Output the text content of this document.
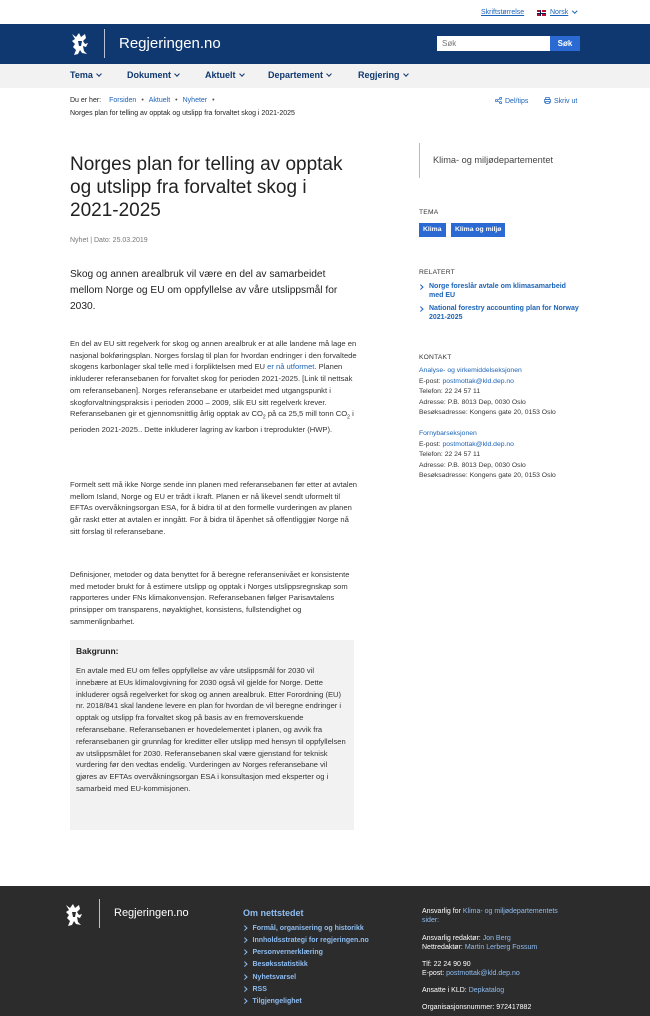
Skriftstørrelse	Norsk
Regjeringen.no
Søk	Søk
Tema	Dokument	Aktuelt	Departement	Regjering
Du er her: Forsiden • Aktuelt • Nyheter •
Norges plan for telling av opptak og utslipp fra forvaltet skog i 2021-2025
Del/tips	Skriv ut
Norges plan for telling av opptak og utslipp fra forvaltet skog i 2021-2025
Nyhet | Dato: 25.03.2019
Skog og annen arealbruk vil være en del av samarbeidet mellom Norge og EU om oppfyllelse av våre utslippsmål for 2030.
En del av EU sitt regelverk for skog og annen arealbruk er at alle landene må lage en nasjonal bokføringsplan. Norges forslag til plan for hvordan endringer i den forvaltede skogens karbonlager skal telle med i forpliktelsen med EU er nå utformet. Planen inkluderer referansebanen for forvaltet skog for perioden 2021-2025. [Link til nettsak om referansebanen]. Norges referansebane er utarbeidet med utgangspunkt i skogforvaltningspraksis i perioden 2000 – 2009, slik EU sitt regelverk krever. Referansebanen gir et gjennomsnittlig årlig opptak av $CO_2$ på ca 25,5 mill tonn $CO_2$ i perioden 2021-2025.. Dette inkluderer lagring av karbon i treprodukter (HWP).
Formelt sett må ikke Norge sende inn planen med referansebanen før etter at avtalen mellom Island, Norge og EU er trådt i kraft. Planen er nå likevel sendt uformelt til EFTAs overvåkningsorgan ESA, for å bidra til at den formelle vurderingen av planen går raskt etter at avtalen er inngått. For å bidra til åpenhet så offentliggjør Norge nå sitt forslag til referansebane.
Definisjoner, metoder og data benyttet for å beregne referansenivået er konsistente med metoder brukt for å estimere utslipp og opptak i Norges utslippsregnskap som rapporteres under FNs klimakonvensjon. Referansebanen følger Parisavtalens prinsipper om transparens, nøyaktighet, konsistens, fullstendighet og sammenlignbarhet.
Bakgrunn:
En avtale med EU om felles oppfyllelse av våre utslippsmål for 2030 vil innebære at EUs klimalovgivning for 2030 også vil gjelde for Norge. Dette inkluderer også regelverket for skog og annen arealbruk. Etter Forordning (EU) nr. 2018/841 skal landene levere en plan for hvordan de vil beregne endringer i opptak og utslipp fra forvaltet skog på basis av en fremoverskuende referansebane. Referansebanen er hovedelementet i planen, og avvik fra referansebanen gir grunnlag for kreditter eller utslipp med hensyn til oppfyllelsen av utslippsmålet for 2030. Referansebanen skal være gjenstand for teknisk vurdering før den vedtas endelig. Vurderingen av Norges referansebane vil gjøres av EFTAs overvåkningsorgan ESA i konsultasjon med eksperter og i samarbeid med EU-kommisjonen.
Klima- og miljødepartementet
TEMA
Klima	Klima og miljø
RELATERT
Norge foreslår avtale om klimasamarbeid med EU
National forestry accounting plan for Norway 2021-2025
KONTAKT
Analyse- og virkemiddelseksjonen
E-post: postmottak@kld.dep.no
Telefon: 22 24 57 11
Adresse: P.B. 8013 Dep, 0030 Oslo
Besøksadresse: Kongens gate 20, 0153 Oslo
Fornybarseksjonen
E-post: postmottak@kld.dep.no
Telefon: 22 24 57 11
Adresse: P.B. 8013 Dep, 0030 Oslo
Besøksadresse: Kongens gate 20, 0153 Oslo
Regjeringen.no	Om nettstedet
Formål, organisering og historikk
Innholdsstrategi for regjeringen.no
Personvernerklæring
Besøksstatistikk
Nyhetsvarsel
RSS
Tilgjengelighet
Ansvarlig for Klima- og miljødepartementets
sider:
Ansvarlig redaktør: Jon Berg
Nettredaktør: Martin Lerberg Fossum
Tlf: 22 24 90 90
E-post: postmottak@kld.dep.no
Ansatte i KLD: Depkatalog
Organisasjonsnummer: 972417882
